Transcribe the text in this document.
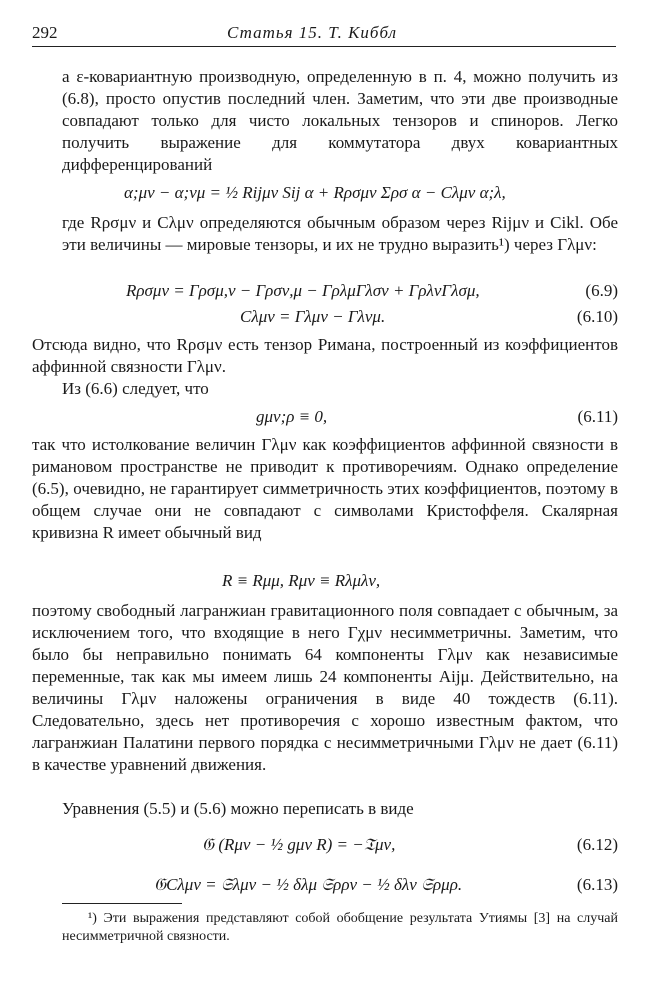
292	Статья 15. Т. Киббл

а ε-ковариантную производную, определенную в п. 4, можно получить из (6.8), просто опустив последний член. Заметим, что эти две производные совпадают только для чисто локальных тензоров и спиноров. Легко получить выражение для коммутатора двух ковариантных дифференцирований

α;μν − α;νμ = ½ Rijμν Sij α + Rρσμν Σρσ α − Cλμν α;λ,

где Rρσμν и Cλμν определяются обычным образом через Rijμν и Cikl. Обе эти величины — мировые тензоры, и их не трудно выразить¹) через Γλμν:

Rρσμν = Γρσμ,ν − Γρσν,μ − ΓρλμΓλσν + ΓρλνΓλσμ,	(6.9)
Cλμν = Γλμν − Γλνμ.	(6.10)

Отсюда видно, что Rρσμν есть тензор Римана, построенный из коэффициентов аффинной связности Γλμν.

Из (6.6) следует, что

gμν;ρ ≡ 0,	(6.11)

так что истолкование величин Γλμν как коэффициентов аффинной связности в римановом пространстве не приводит к противоречиям. Однако определение (6.5), очевидно, не гарантирует симметричность этих коэффициентов, поэтому в общем случае они не совпадают с символами Кристоффеля. Скалярная кривизна R имеет обычный вид

R ≡ Rμμ, Rμν ≡ Rλμλν,

поэтому свободный лагранжиан гравитационного поля совпадает с обычным, за исключением того, что входящие в него Γχμν несимметричны. Заметим, что было бы неправильно понимать 64 компоненты Γλμν как независимые переменные, так как мы имеем лишь 24 компоненты Aijμ. Действительно, на величины Γλμν наложены ограничения в виде 40 тождеств (6.11). Следовательно, здесь нет противоречия с хорошо известным фактом, что лагранжиан Палатини первого порядка с несимметричными Γλμν не дает (6.11) в качестве уравнений движения.

Уравнения (5.5) и (5.6) можно переписать в виде

𝔊 (Rμν − ½ gμν R) = −𝔗μν,	(6.12)
𝔊Cλμν = 𝔖λμν − ½ δλμ 𝔖ρρν − ½ δλν 𝔖ρμρ.	(6.13)
¹) Эти выражения представляют собой обобщение результата Утиямы [3] на случай несимметричной связности.
